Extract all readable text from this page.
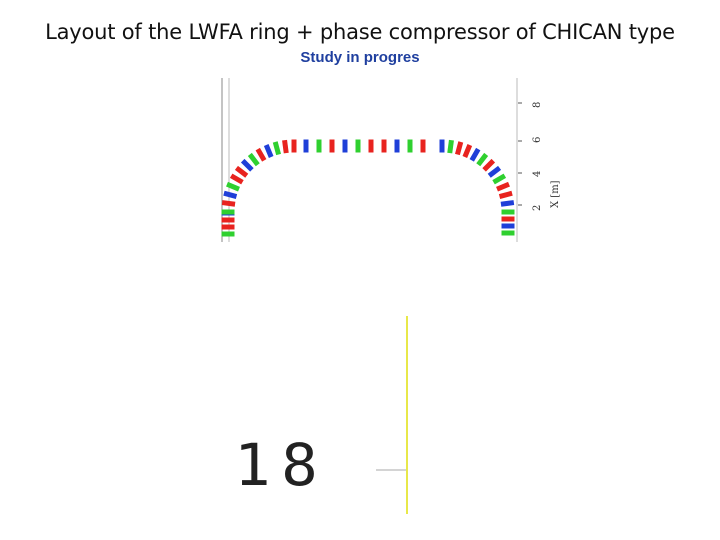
Layout of the LWFA ring + phase compressor of CHICAN type
Study in progres
2
4
6
8
X [m]
18
